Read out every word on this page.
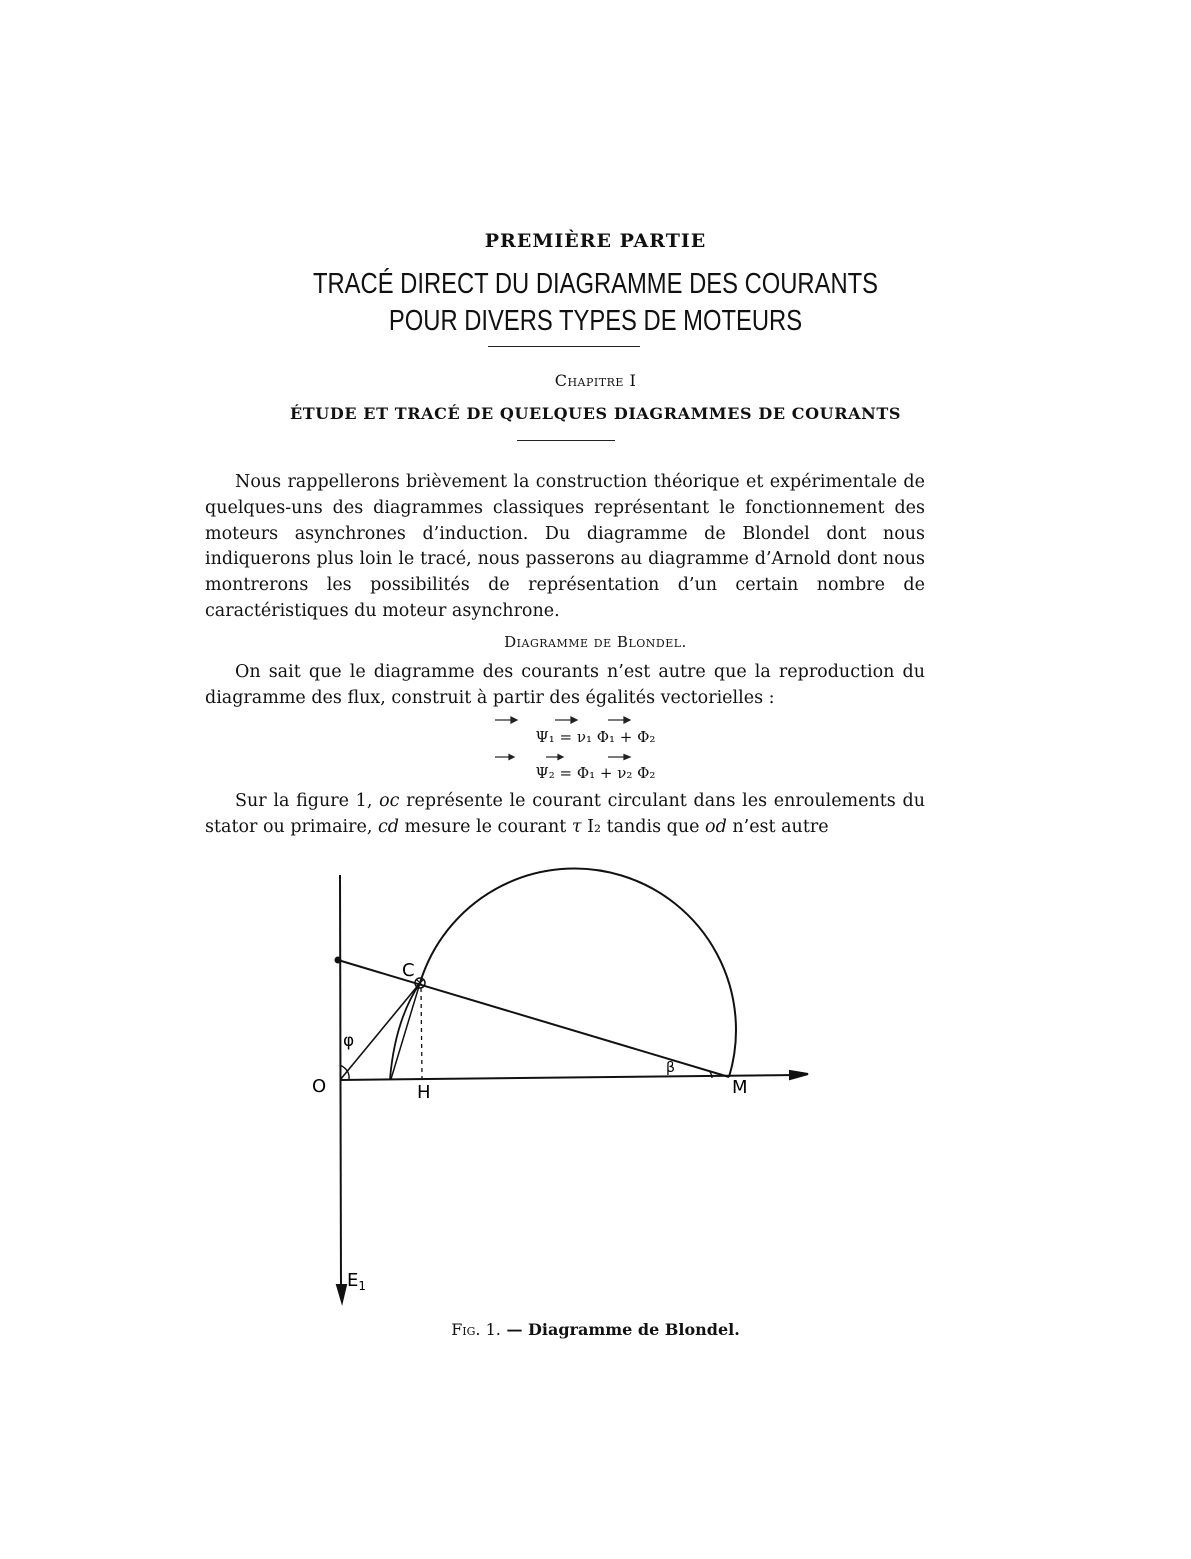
PREMIÈRE PARTIE
TRACÉ DIRECT DU DIAGRAMME DES COURANTS
POUR DIVERS TYPES DE MOTEURS
Chapitre I
ÉTUDE ET TRACÉ DE QUELQUES DIAGRAMMES DE COURANTS
Nous rappellerons brièvement la construction théorique et expérimentale de quelques-uns des diagrammes classiques représentant le fonctionnement des moteurs asynchrones d’induction. Du diagramme de Blondel dont nous indiquerons plus loin le tracé, nous passerons au diagramme d’Arnold dont nous montrerons les possibilités de représentation d’un certain nombre de caractéristiques du moteur asynchrone.
Diagramme de Blondel.
On sait que le diagramme des courants n’est autre que la reproduction du diagramme des flux, construit à partir des égalités vectorielles :
Ψ₁ = ν₁ Φ₁ + Φ₂
Ψ₂ = Φ₁ + ν₂ Φ₂
Sur la figure 1, oc représente le courant circulant dans les enroulements du stator ou primaire, cd mesure le courant τ I₂ tandis que od n’est autre
O
C
H	M
φ
β
$E_1$
Fig. 1. — Diagramme de Blondel.
